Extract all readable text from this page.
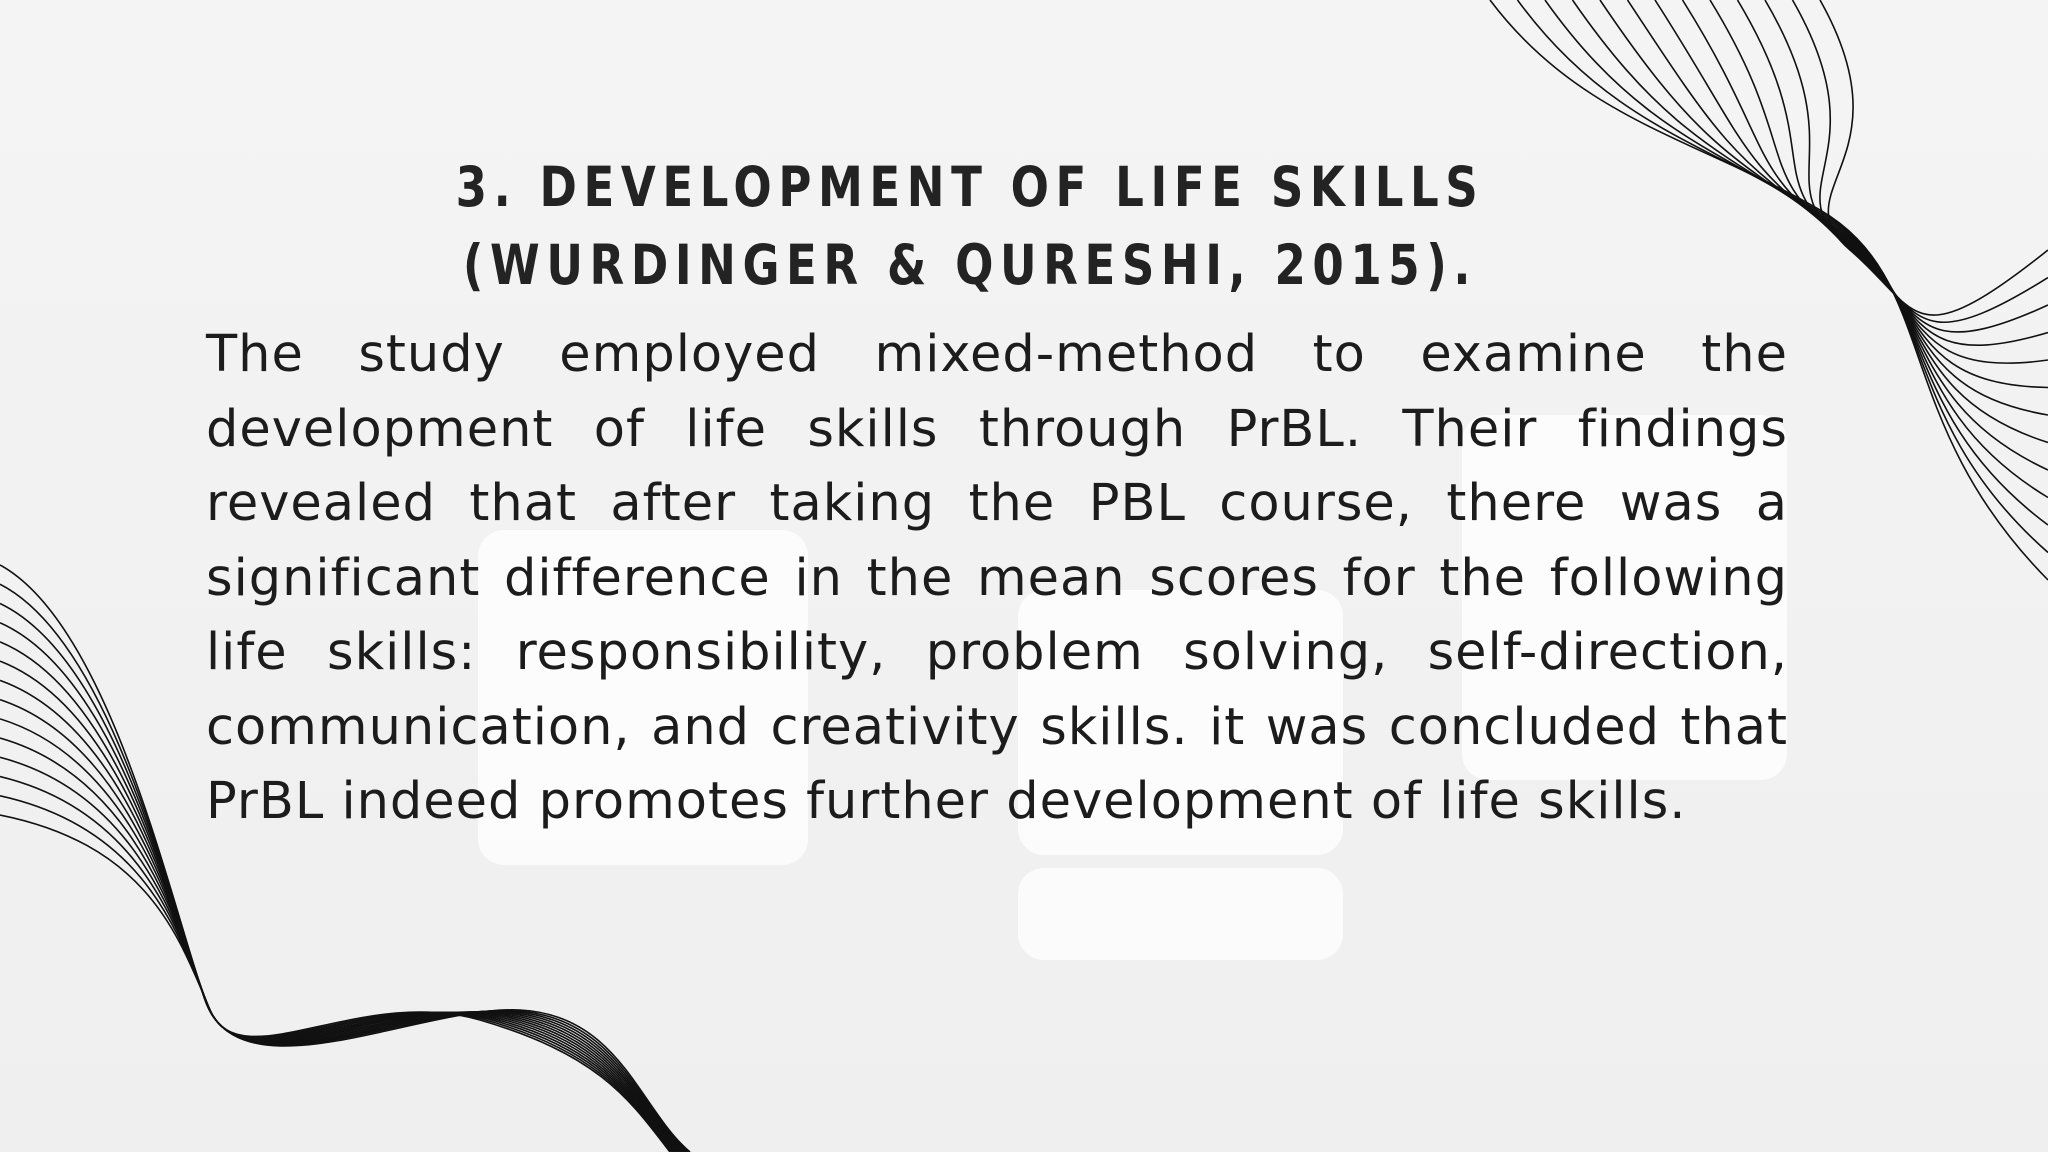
3. DEVELOPMENT OF LIFE SKILLS (WURDINGER & QURESHI, 2015).

The study employed mixed-method to examine the development of life skills through PrBL. Their findings revealed that after taking the PBL course, there was a significant difference in the mean scores for the following life skills: responsibility, problem solving, self-direction, communication, and creativity skills. it was concluded that PrBL indeed promotes further development of life skills.
